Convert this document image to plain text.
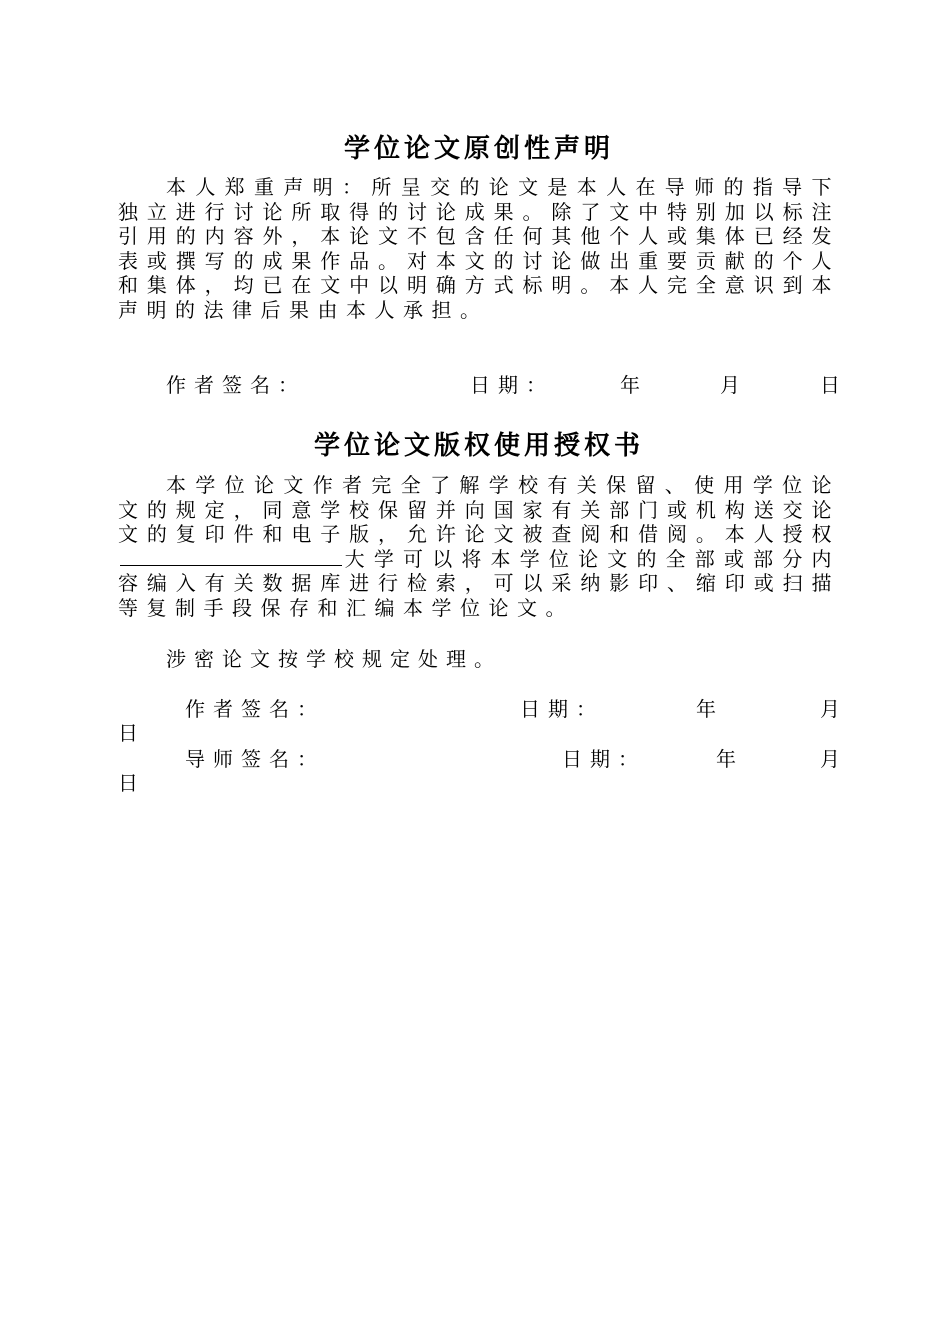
学位论文原创性声明
本人郑重声明：所呈交的论文是本人在导师的指导下独立进行讨论所取得的讨论成果。除了文中特别加以标注引用的内容外，本论文不包含任何其他个人或集体已经发表或撰写的成果作品。对本文的讨论做出重要贡献的个人和集体，均已在文中以明确方式标明。本人完全意识到本声明的法律后果由本人承担。
作者签名：	日期：	年	月	日
学位论文版权使用授权书
本学位论文作者完全了解学校有关保留、使用学位论文的规定，同意学校保留并向国家有关部门或机构送交论文的复印件和电子版，允许论文被查阅和借阅。本人授权大学可以将本学位论文的全部或部分内容编入有关数据库进行检索，可以采纳影印、缩印或扫描等复制手段保存和汇编本学位论文。
涉密论文按学校规定处理。
作者签名：	日期：	年	月
日
导师签名：	日期：	年	月
日
